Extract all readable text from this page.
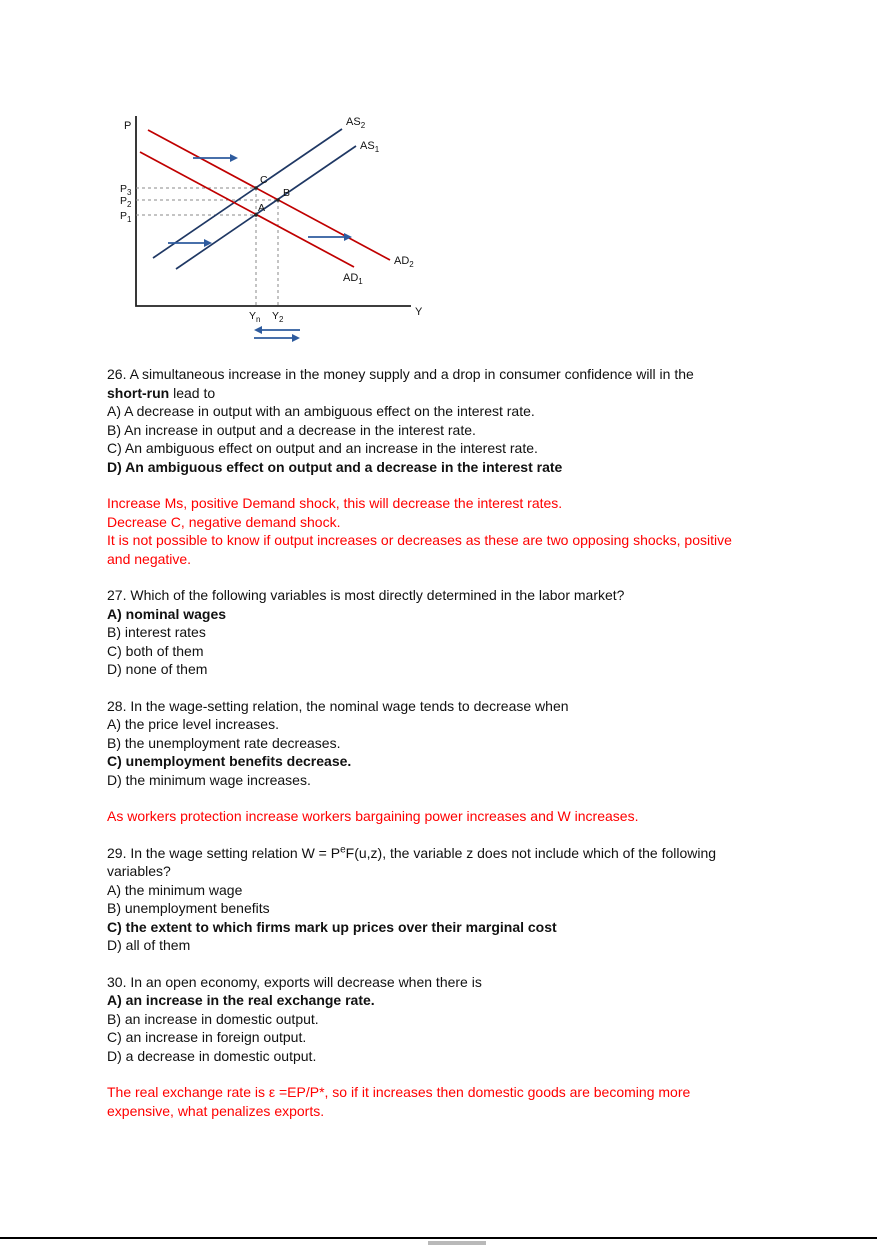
P
Y
A
B
C
$AS_2$
$AS_1$
$AD_2$
$AD_1$
$P_3$
$P_2$
$P_1$
$Y_n$ $Y_2$

26. A simultaneous increase in the money supply and a drop in consumer confidence will in the short-run lead to

A) A decrease in output with an ambiguous effect on the interest rate.

B) An increase in output and a decrease in the interest rate.

C) An ambiguous effect on output and an increase in the interest rate.

D) An ambiguous effect on output and a decrease in the interest rate

Increase Ms, positive Demand shock, this will decrease the interest rates.

Decrease C, negative demand shock.

It is not possible to know if output increases or decreases as these are two opposing shocks, positive and negative.

27. Which of the following variables is most directly determined in the labor market?

A) nominal wages

B) interest rates

C) both of them

D) none of them

28. In the wage-setting relation, the nominal wage tends to decrease when

A) the price level increases.

B) the unemployment rate decreases.

C) unemployment benefits decrease.

D) the minimum wage increases.

As workers protection increase workers bargaining power increases and W increases.

29. In the wage setting relation $W = P^eF(u,z)$, the variable z does not include which of the following variables?

A) the minimum wage

B) unemployment benefits

C) the extent to which firms mark up prices over their marginal cost

D) all of them

30. In an open economy, exports will decrease when there is

A) an increase in the real exchange rate.

B) an increase in domestic output.

C) an increase in foreign output.

D) a decrease in domestic output.

The real exchange rate is ε =EP/P*, so if it increases then domestic goods are becoming more expensive, what penalizes exports.
